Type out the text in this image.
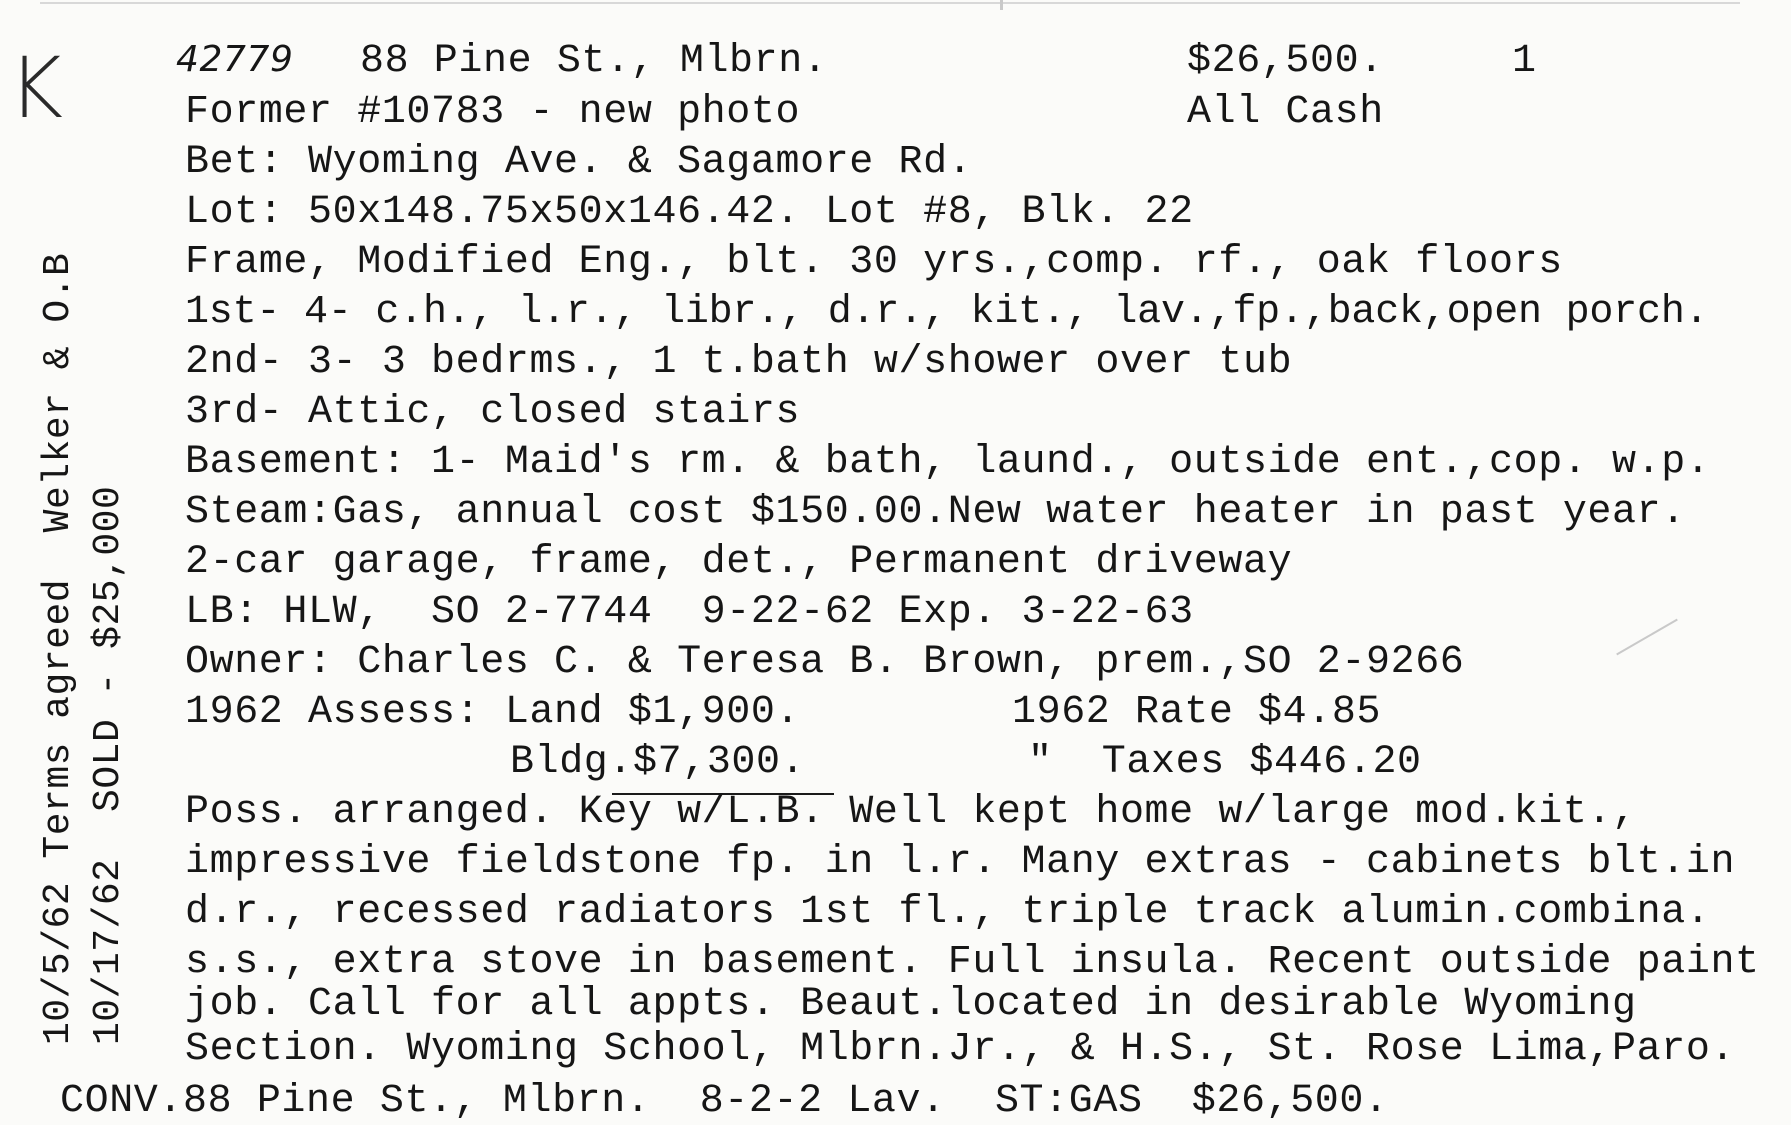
K
10/5/62 Terms agreed  Welker & O.B 10/17/62  SOLD - $25,000
42779 88 Pine St., Mlbrn.	$26,500.	1
Former #10783 - new photo	All Cash
Bet: Wyoming Ave. & Sagamore Rd.
Lot: 50x148.75x50x146.42. Lot #8, Blk. 22
Frame, Modified Eng., blt. 30 yrs.,comp. rf., oak floors
1st- 4- c.h., l.r., libr., d.r., kit., lav.,fp.,back,open porch.
2nd- 3- 3 bedrms., 1 t.bath w/shower over tub
3rd- Attic, closed stairs
Basement: 1- Maid's rm. & bath, laund., outside ent.,cop. w.p.
Steam:Gas, annual cost $150.00.New water heater in past year.
2-car garage, frame, det., Permanent driveway
LB: HLW,  SO 2-7744  9-22-62 Exp. 3-22-63
Owner: Charles C. & Teresa B. Brown, prem.,SO 2-9266
1962 Assess: Land $1,900.	1962 Rate $4.85
Bldg.$7,300.	"  Taxes $446.20
Poss. arranged. Key w/L.B. Well kept home w/large mod.kit.,
impressive fieldstone fp. in l.r. Many extras - cabinets blt.in
d.r., recessed radiators 1st fl., triple track alumin.combina.
s.s., extra stove in basement. Full insula. Recent outside paint
job. Call for all appts. Beaut.located in desirable Wyoming
Section. Wyoming School, Mlbrn.Jr., & H.S., St. Rose Lima,Paro.
CONV.88 Pine St., Mlbrn.  8-2-2 Lav.  ST:GAS  $26,500.
